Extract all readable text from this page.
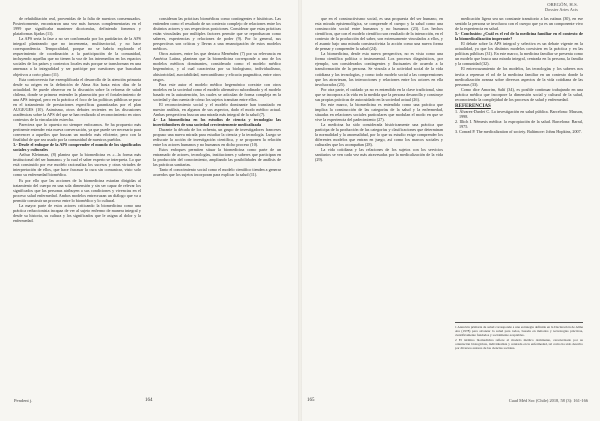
de rehabilitación real, provenidas de la falta de nuestros consensuados. Posteriormente, encontraron una vez más fuerzas complementarias en el 1999 que significaba mantener dicotomías, definiendo fomenos y plataformas fijadas (11).

La APS seria la fase a no ser conformada por los partidarios de la APS integral planteando que no incrementa, multisectorial, y no hace correspondencia. Temporalidad, porque no se habría explorado el requerimiento de coordinación a la participación de la comunidad, incluyendo aquellas que no tienen la voz de los intermedios en los espacios sociales de los países y contextos locales más porque se transforman en una amenaza a la integralidad y ser partícipe por cuestiones que buscaban objetivos a corto plazo (11).

Esta controversia fue exemplificada el desarrollo de la atención primaria desde su origen en la definición de Alma Ata hasta estos días de la actualidad. Se puede observar en la discusión sobre la reforma de salud chilena, donde se primera entender la planeación por el fortalecimiento de una APS integral, pero en la práctica el foco de las políticas públicas se puso en el tratamiento de prestaciones específicas garantizadas por el plan AUGE/GES (10). Asimismo, otros debates recientes en las discusiones académicas sobre la APS del que se han realizado al reconocimiento en otros contextos de la vinculación estrecha.

Pareciera que lo opuesto no siempre enfocamos. Se ha propuesto más pertinente entender esta nueva conversación, ya que puede ser necesario para convencer a aquellos que buscan un modelo más eficiente, pero con la finalidad de que sea usado por la comunidad de nuestros pueblos.

3.- Desde el enfoque de la APS comprender el mundo de los significados sociales y culturales

Arthur Kleinman, (8) plantea que la biomedicina es «...la forma más institucional del ser humano» y la cual el saber experto se interpreta. Lo que está construido por ese modelo racionaliza los sucesos y otras virtudes de interpretación de ellos, que hace fracasar la cura sin comunicar, visto solo como su enfermedad biomédica.

Es por ello que las acciones de la biomedicina estarían dirigidas al tratamiento del cuerpo en una sola dimensión y sin ser capaz de relevar los significados que las personas atribuyen a sus condiciones y vivencias en el proceso salud enfermedad. Ambos modelos entrecruzan un diálogo que va a permitir construir un proceso entre lo biomédico y lo cultural.

La mayor parte de estos actores criticando la biomedicina como una práctica reduccionista incapaz de ver al sujeto enfermo de manera integral y desde su historia, su cultura y los significados que le asigna al dolor y la enfermedad.

consideran las prácticas biomédicas como contingentes e históricas. Las entienden como el resultado de un contexto complejo de relaciones entre los distintos actores y sus respectivas posiciones. Considerar que estas prácticas están vinculadas por múltiples factores permite que se reproduzcan como saberes, experiencias y relaciones de poder (9). Por lo general, sus perspectivas son críticas y llevan a una emancipación de estos modelos médicos.

Otros autores, entre los que destaca Menéndez (7) por su relevancia en América Latina, plantean que la biomedicina corresponde a uno de los modelos médicos dominantes, considerado como el modelo médico hegemónico, y al cual caracteriza por su biologismo, individualismo, ahistoricidad, asociabilidad, mercantilismo y eficacia pragmática, entre otros rasgos.

Para este autor el modelo médico hegemónico coexiste con otros modelos en la sociedad como el modelo alternativo subordinado y el modelo basado en la autoatención, los cuales se articulan de forma compleja en la sociedad y dan cuenta de cómo los sujetos transitan entre ellos.

El reconocimiento social y el modelo dominante han transitado en nuestro análisis, en algunos de sus aspectos, dado el modo médico actual. Ambas perspectivas buscan una mirada más integral de la salud (7).

4.- La biomedicina en los estudios de ciencia y tecnología: las incertidumbres de una sociedad crecientemente medicalizada

Durante la década de los ochenta, un grupo de investigadores franceses propuso una nueva mirada para estudiar la ciencia y la tecnología. Luego se rediscute la acción de investigación científica, y se proponen la relación entre los actores humanos y no humanos en dicho proceso (10).

Estos enfoques permiten situar la biomedicina como parte de un entramado de actores, tecnologías, instituciones y saberes que participan en la producción del conocimiento, ampliando las posibilidades de análisis de las prácticas sanitarias.

Tanto el conocimiento social como el modelo científico tienden a generar acuerdos que los sujetos incorporan para explicar la salud (11).

Pendent j.	164
OREGÓN, H.S.
Dossier Artes Acts

que en el constructivismo social, es una propuesta del ser humano, en esta mirada epistemológica, se comprende el cuerpo y la salud como una construcción social entre humanos y no humanos (23). Los hechos científicos, que con el modelo científico son resultado de la interacción, en el contexto de la producción del saber, son extensamente vinculados a ellos, y el asumir bajo una mirada constructivista la acción como una nueva forma de pensar y comprender la salud (24).

La biomedicina, desde esta nueva perspectiva, no es vista como una forma científica política o instrumental. Los procesos diagnósticos, por ejemplo, son considerados contingentes y fluctuantes de acuerdo a la transformación de la persona. Se vincula a la actividad social de la vida cotidiana y las tecnologías, y como todo modelo social a las comprensiones que los atraviesan, las interacciones y relaciones entre los actores en ella involucrados (25).

Por otra parte, el cuidado ya no es entendido en la clave tradicional, sino que se incorpora a la vida en la medida que la persona desarrolla y construye sus propias prácticas de autocuidado en la sociedad actual (26).

En este marco, la biomedicina es entendida como una práctica que implica la construcción de las categorías de la salud y la enfermedad, situadas en relaciones sociales particulares que modulan el modo en que se vive la experiencia del padecimiento (27).

La medicina ha sido considerada históricamente una práctica que participa de la producción de las categorías y clasificaciones que determinan la normalidad y la anormalidad, por lo que su estudio exige comprender los diferentes modelos que entran en juego, así como los marcos sociales y culturales que los acompañan (28).

La vida cotidiana y las relaciones de los sujetos con los servicios sanitarios se ven cada vez más atravesadas por la medicalización de la vida (29).

medicación ligera sea un constante transitorio a las rutinas (30), en ese sentido la persona se involucra con el cuerpo que ya es un componente vivo de la experiencia en salud.

5.- Conclusión: ¿Cuál es el rol de la medicina familiar en el contexto de la biomedicalización imperante?

El debate sobre la APS integral y selectiva es un debate vigente en la actualidad, ya que los distintos modelos coexisten en la práctica y en las políticas públicas (31). En este marco, la medicina familiar se presenta como un modelo que busca una mirada integral, centrada en la persona, la familia y la comunidad (32).

El entrecruzamiento de los modelos, las tecnologías y los saberes nos invita a repensar el rol de la medicina familiar en un contexto donde la medicalización avanza sobre diversos aspectos de la vida cotidiana de las personas (33).

Como dice Amorim, Saltí (34), es posible continuar trabajando en una práctica médica que incorpore la dimensión social y cultural de la salud, reconociendo la complejidad de los procesos de salud y enfermedad.

REFERENCIAS

1. Álvarez-Dardet C. La investigación en salud pública. Barcelona: Masson, 1998.

2. Illich I. Némesis médica: la expropiación de la salud. Barcelona: Barral, 1975.

3. Conrad P. The medicalization of society. Baltimore: Johns Hopkins, 2007.

1 Atención primaria de salud corresponde a una estrategia definida en la Declaración de Alma Ata (1978) para alcanzar la salud para todos, basada en métodos y tecnologías prácticas, científicamente fundados y socialmente aceptables.

2 El término biomedicina refiere al modelo médico dominante, caracterizado por su orientación biologicista, individualista y centrada en la enfermedad, tal como ha sido descrito por diversos autores de las ciencias sociales.

165	Cuad Méd Soc (Chile) 2018, 58 (3): 161-166
